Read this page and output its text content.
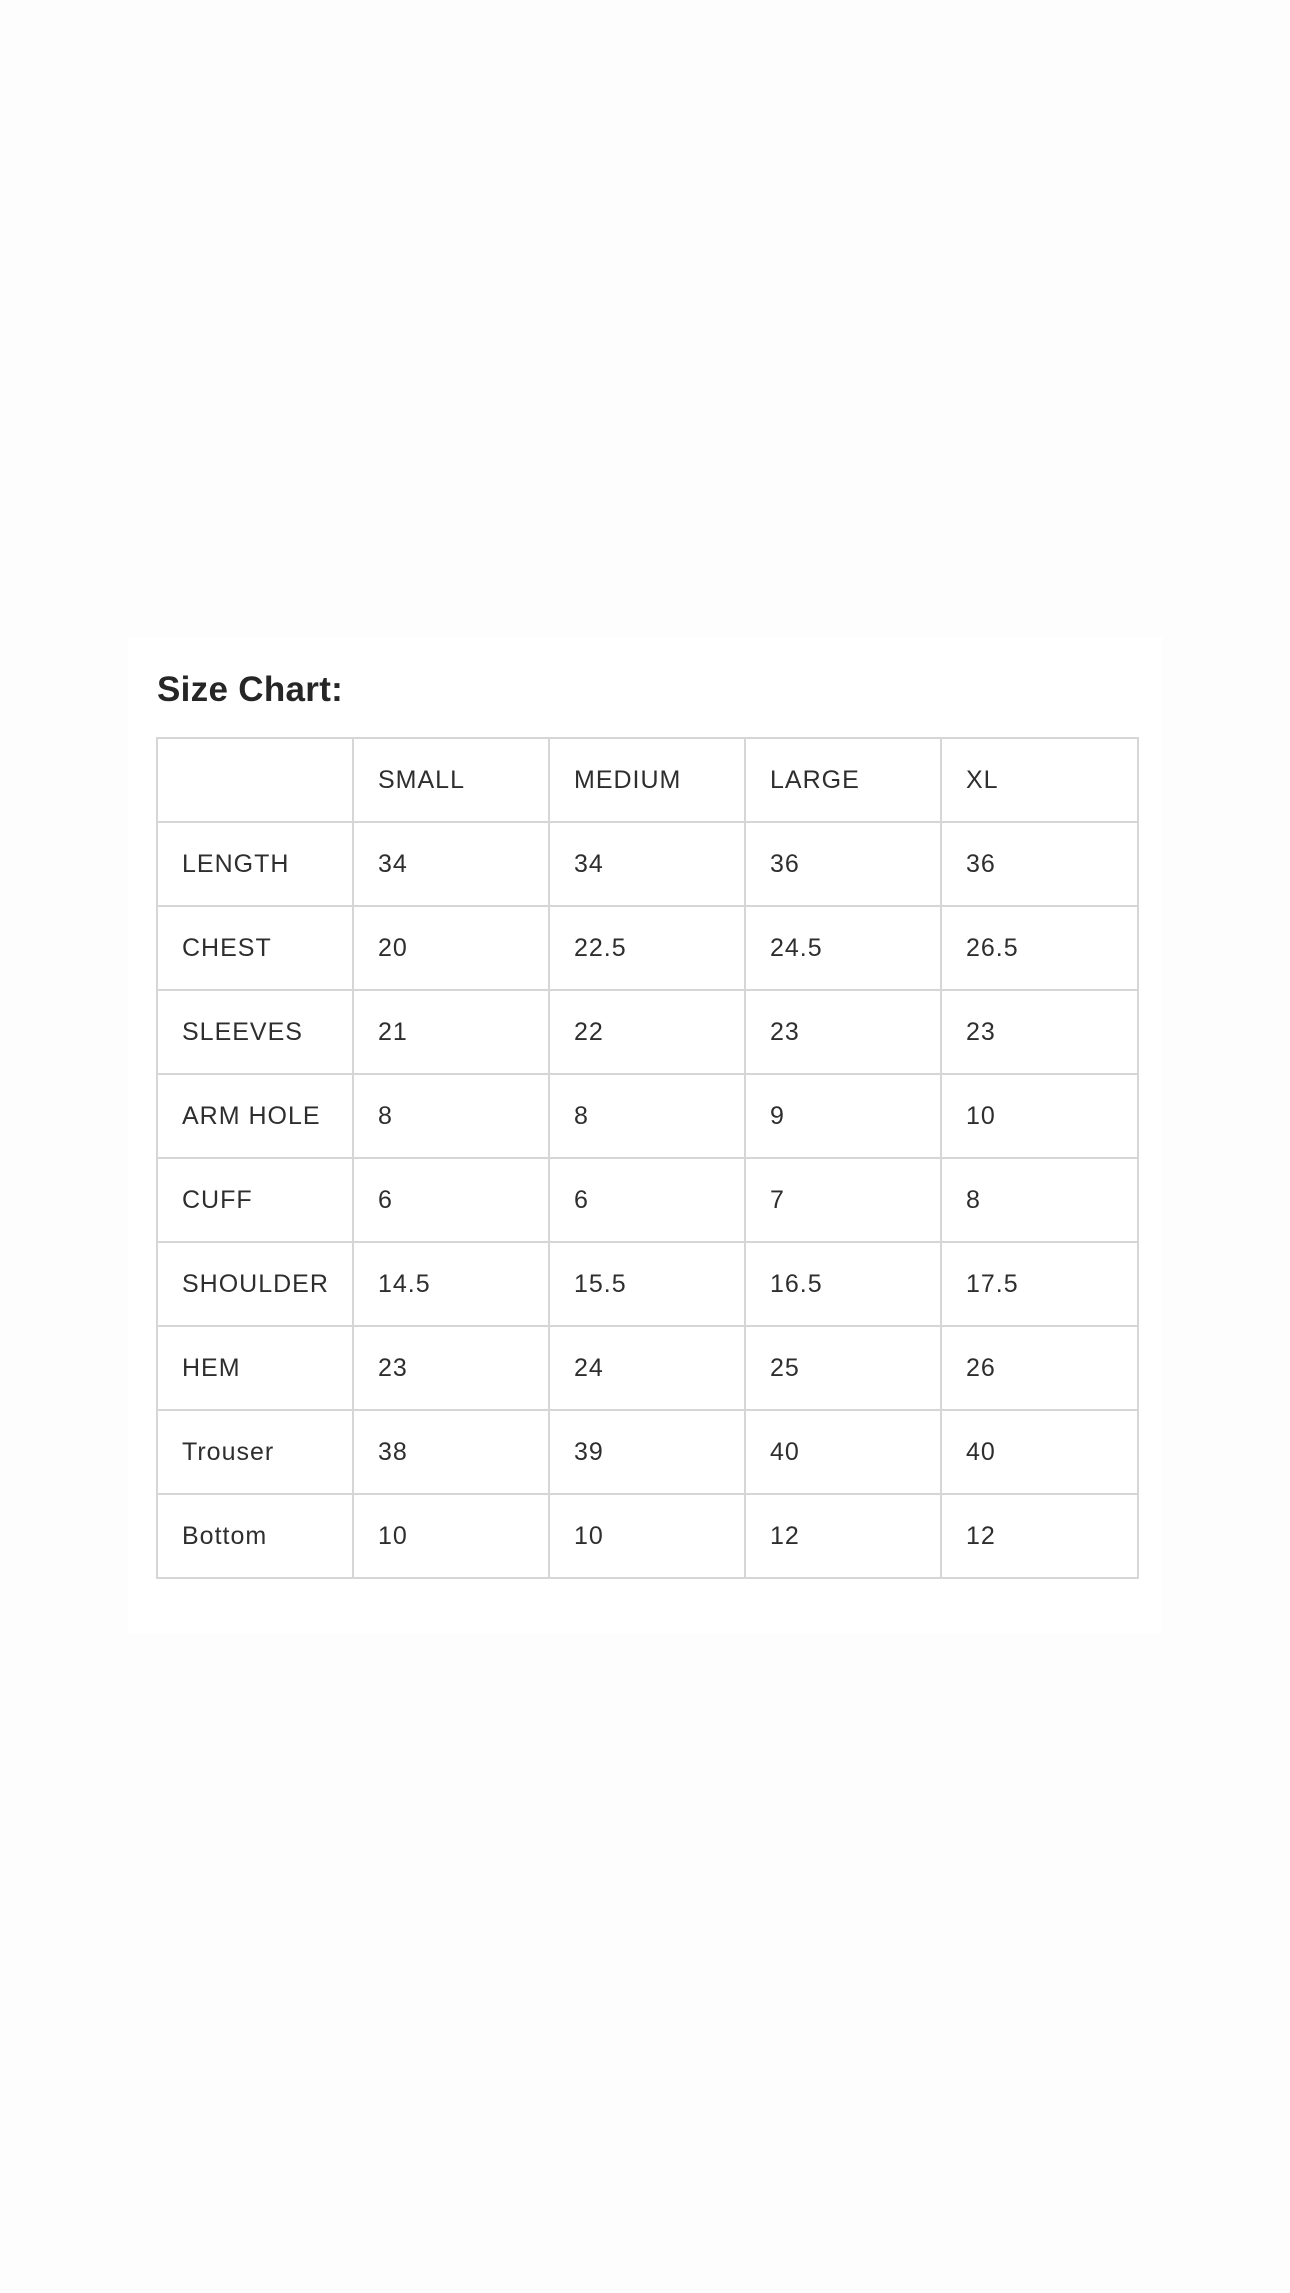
Size Chart:
	SMALL	MEDIUM	LARGE	XL
LENGTH	34	34	36	36
CHEST	20	22.5	24.5	26.5
SLEEVES	21	22	23	23
ARM HOLE	8	8	9	10
CUFF	6	6	7	8
SHOULDER	14.5	15.5	16.5	17.5
HEM	23	24	25	26
Trouser	38	39	40	40
Bottom	10	10	12	12
